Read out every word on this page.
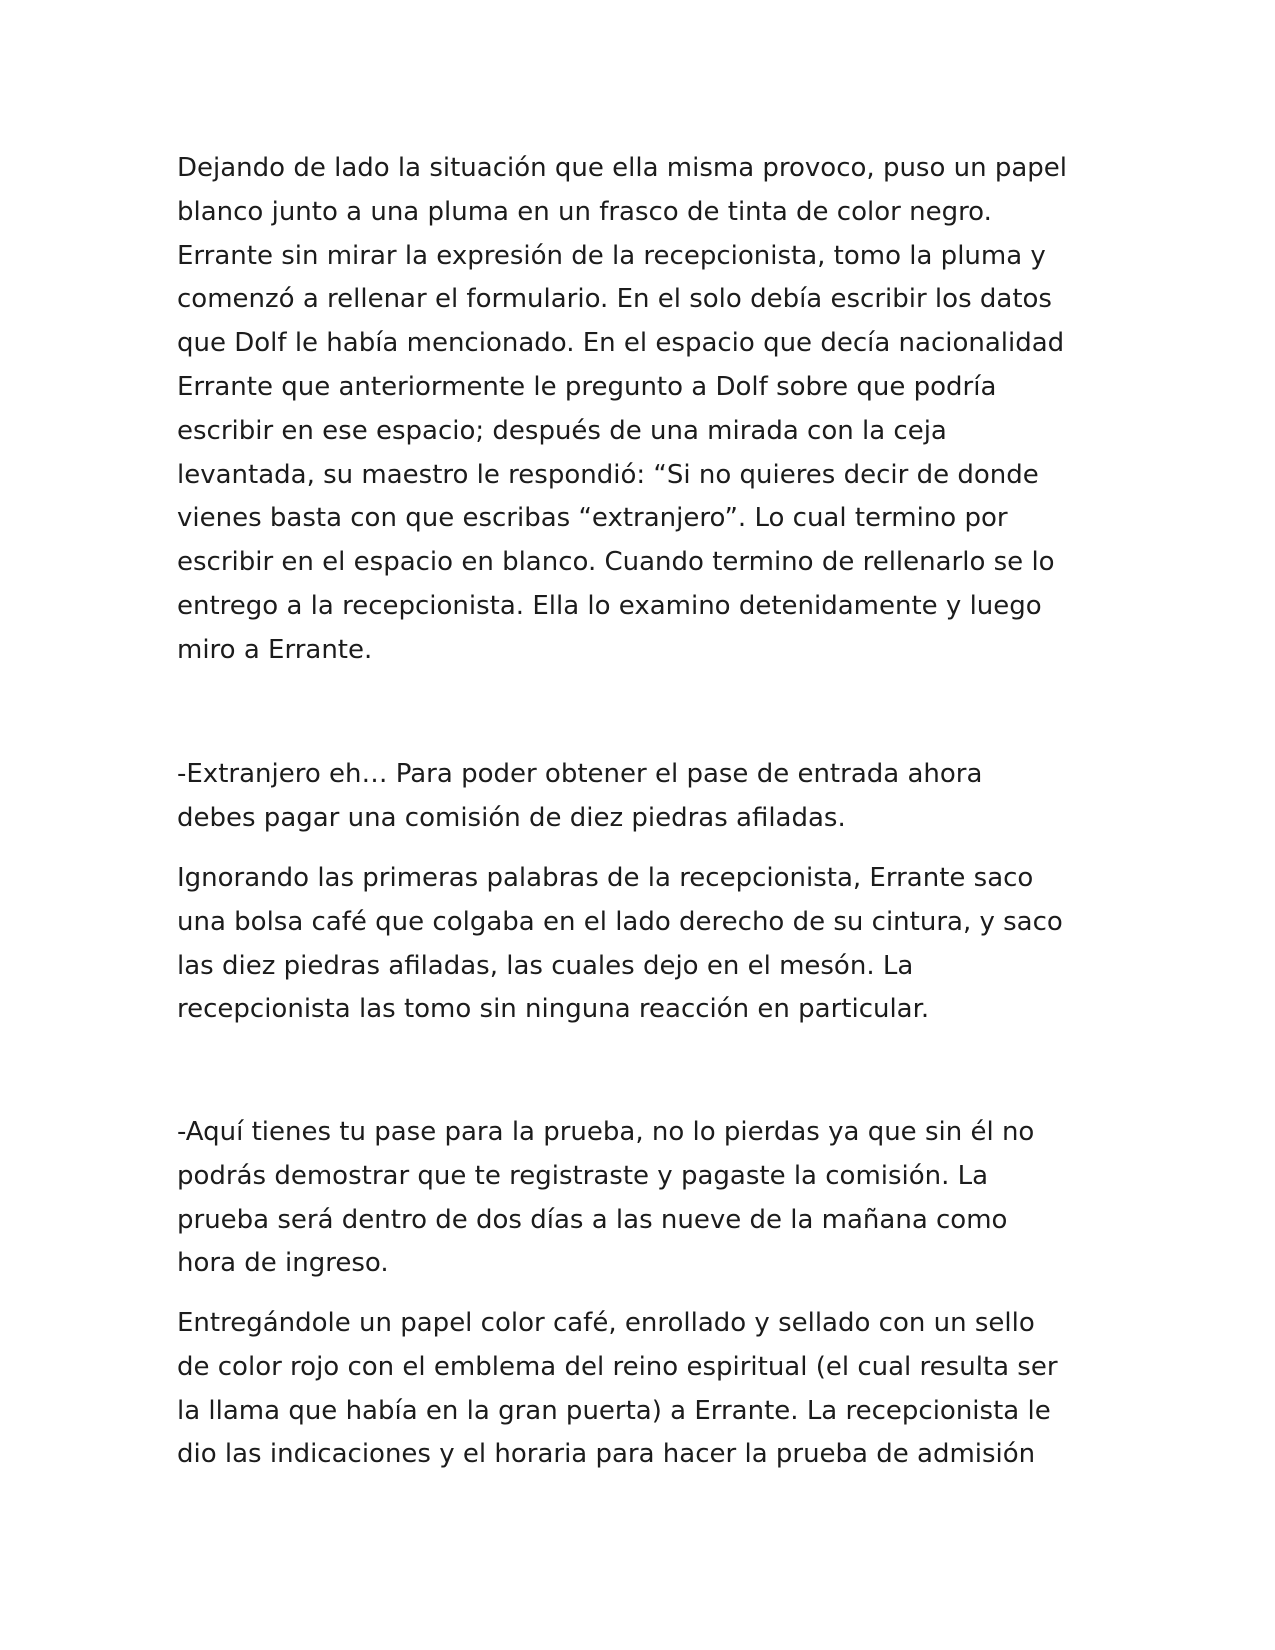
Dejando de lado la situación que ella misma provoco, puso un papel
blanco junto a una pluma en un frasco de tinta de color negro.
Errante sin mirar la expresión de la recepcionista, tomo la pluma y
comenzó a rellenar el formulario. En el solo debía escribir los datos
que Dolf le había mencionado. En el espacio que decía nacionalidad
Errante que anteriormente le pregunto a Dolf sobre que podría
escribir en ese espacio; después de una mirada con la ceja
levantada, su maestro le respondió: “Si no quieres decir de donde
vienes basta con que escribas “extranjero”. Lo cual termino por
escribir en el espacio en blanco. Cuando termino de rellenarlo se lo
entrego a la recepcionista. Ella lo examino detenidamente y luego
miro a Errante.

-Extranjero eh… Para poder obtener el pase de entrada ahora
debes pagar una comisión de diez piedras afiladas.

Ignorando las primeras palabras de la recepcionista, Errante saco
una bolsa café que colgaba en el lado derecho de su cintura, y saco
las diez piedras afiladas, las cuales dejo en el mesón. La
recepcionista las tomo sin ninguna reacción en particular.

-Aquí tienes tu pase para la prueba, no lo pierdas ya que sin él no
podrás demostrar que te registraste y pagaste la comisión. La
prueba será dentro de dos días a las nueve de la mañana como
hora de ingreso.

Entregándole un papel color café, enrollado y sellado con un sello
de color rojo con el emblema del reino espiritual (el cual resulta ser
la llama que había en la gran puerta) a Errante. La recepcionista le
dio las indicaciones y el horaria para hacer la prueba de admisión
